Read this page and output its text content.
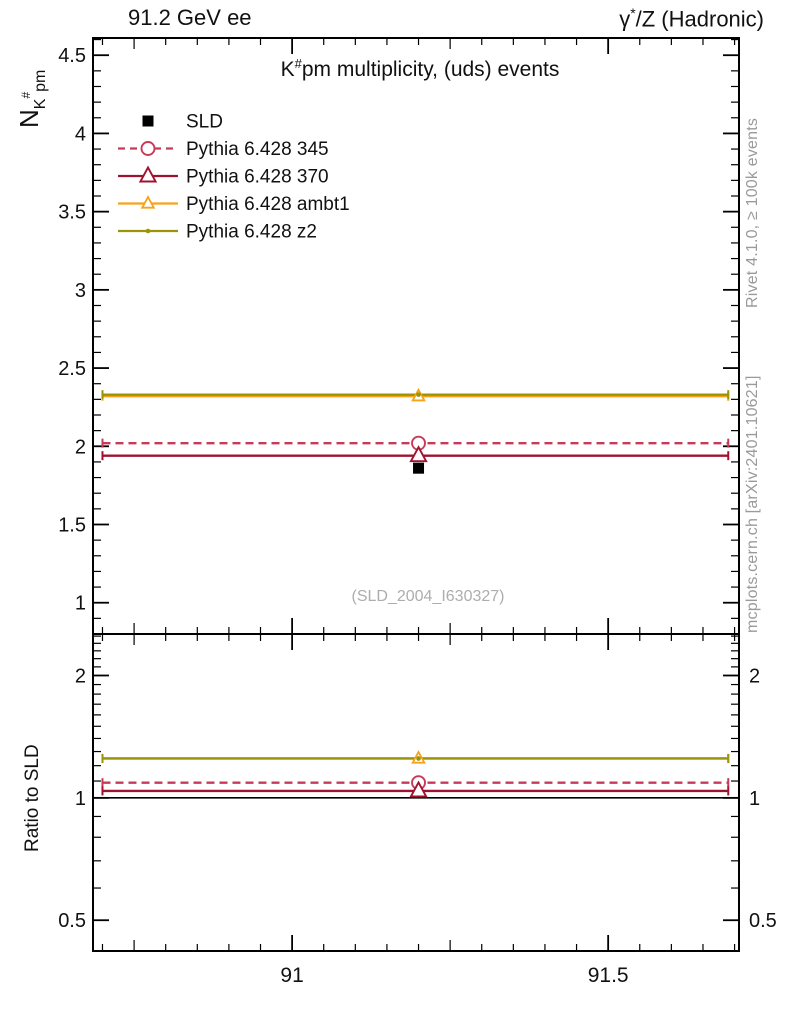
91.2 GeV ee	γ*/Z (Hadronic)
K#pm multiplicity, (uds) events
$N_K^{\#}_{pm}$
Ratio to SLD
Rivet 4.1.0, ≥ 100k events
mcplots.cern.ch [arXiv:2401.10621]
(SLD_2004_I630327)
91	91.5
1
1.5
2
2.5
3
3.5
4
4.5
0.5	0.5
1	1
2	2
SLD
Pythia 6.428 345
Pythia 6.428 370
Pythia 6.428 ambt1
Pythia 6.428 z2
